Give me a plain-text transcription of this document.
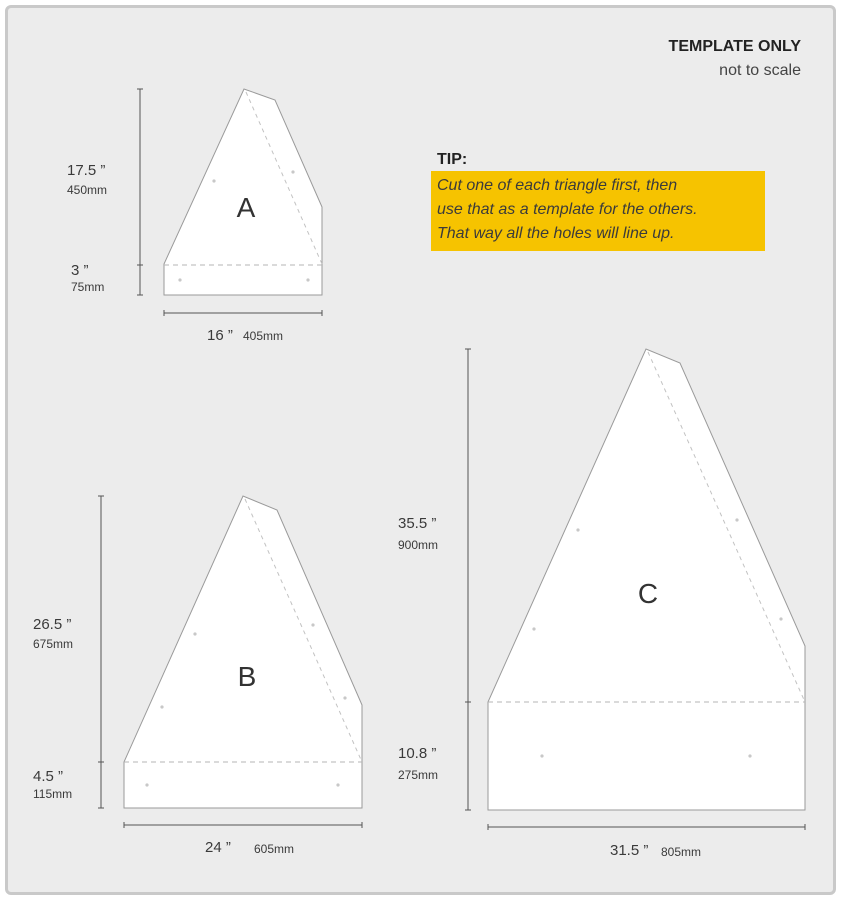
A
B
C
TEMPLATE ONLY
not to scale
TIP:
Cut one of each triangle first, then
use that as a template for the others.
That way all the holes will line up.
17.5 ”
450mm
3 ”
75mm
16 ” 405mm
26.5 ”
675mm
4.5 ”
115mm
24 ” 605mm
35.5 ”
900mm
10.8 ”
275mm
31.5 ” 805mm
